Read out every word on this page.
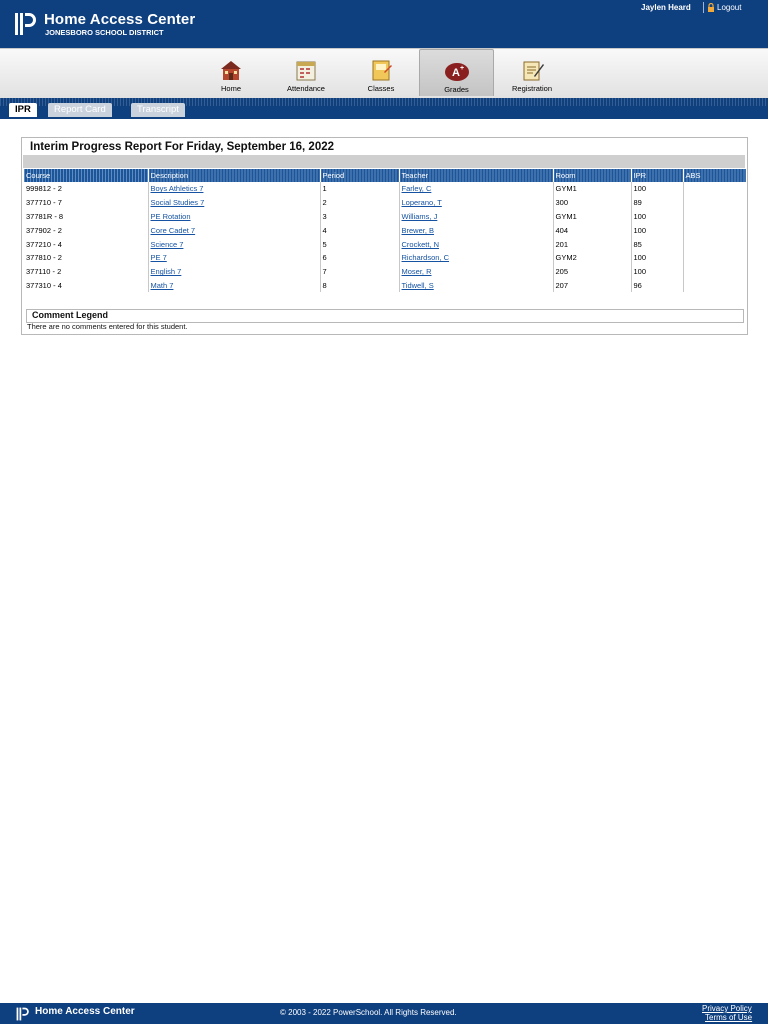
Home Access Center
JONESBORO SCHOOL DISTRICT
Jaylen Heard	Logout
Home	Attendance	Classes
A +
Grades	Registration
IPR	Report Card	Transcript
Interim Progress Report For Friday, September 16, 2022
Course	Description	Period	Teacher	Room	IPR	ABS
999812 - 2	Boys Athletics 7	1	Farley, C	GYM1	100	
377710 - 7	Social Studies 7	2	Loperano, T	300	89	
37781R - 8	PE Rotation	3	Williams, J	GYM1	100	
377902 - 2	Core Cadet 7	4	Brewer, B	404	100	
377210 - 4	Science 7	5	Crockett, N	201	85	
377810 - 2	PE 7	6	Richardson, C	GYM2	100	
377110 - 2	English 7	7	Moser, R	205	100	
377310 - 4	Math 7	8	Tidwell, S	207	96	
Comment Legend
There are no comments entered for this student.
Home Access Center	© 2003 - 2022 PowerSchool. All Rights Reserved.	Privacy Policy
Terms of Use
